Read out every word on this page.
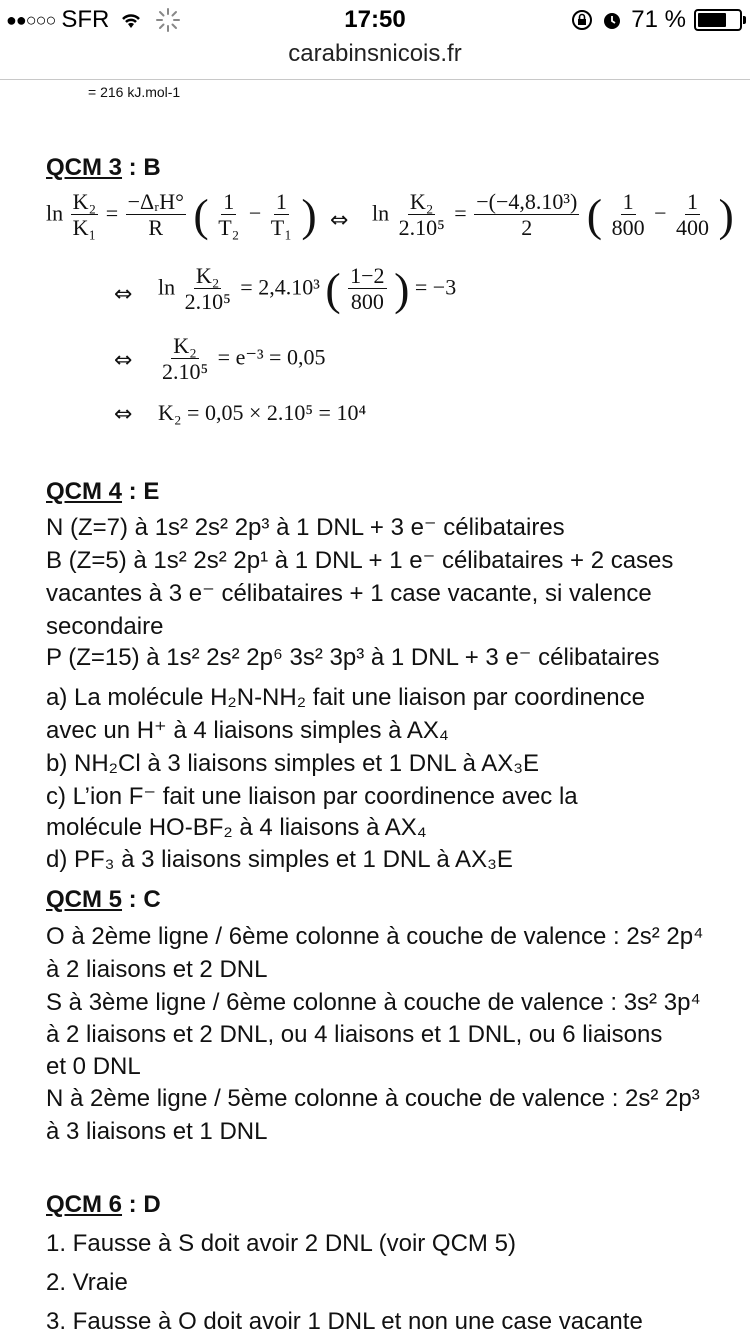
●●○○○ SFR	17:50	71 %
carabinsnicois.fr
= 216 kJ.mol-1
QCM 3 : B
$\ln \frac{\text{K₂}}{\text{K₁}} = \frac{\text{−ΔᵣH°}}{R}$ ( $\frac{1}{\text{T₂}} - \frac{1}{\text{T₁}}$ ) ⇔ $\ln \frac{\text{K₂}}{\text{2.10⁵}} = \frac{\text{−(−4,8.10³)}}{2}$ ( $\frac{1}{800} - \frac{1}{400}$ )
⇔ $\ln \frac{\text{K₂}}{\text{2.10⁵}} = 2,4.10^3$ ( $\frac{1-2}{800}$ ) = −3
⇔ $\frac{\text{K₂}}{\text{2.10⁵}} = e^{-3} = 0,05$
⇔ K₂ = 0,05 × 2.10⁵ = 10⁴
QCM 4 : E
N (Z=7) à 1s² 2s² 2p³ à 1 DNL + 3 e⁻ célibataires
B (Z=5) à 1s² 2s² 2p¹ à 1 DNL + 1 e⁻ célibataires + 2 cases
vacantes à 3 e⁻ célibataires + 1 case vacante, si valence
secondaire
P (Z=15) à 1s² 2s² 2p⁶ 3s² 3p³ à 1 DNL + 3 e⁻ célibataires
a) La molécule H₂N-NH₂ fait une liaison par coordinence
avec un H⁺ à 4 liaisons simples à AX₄
b) NH₂Cl à 3 liaisons simples et 1 DNL à AX₃E
c) L’ion F⁻ fait une liaison par coordinence avec la
molécule HO-BF₂ à 4 liaisons à AX₄
d) PF₃ à 3 liaisons simples et 1 DNL à AX₃E
QCM 5 : C
O à 2ème ligne / 6ème colonne à couche de valence : 2s² 2p⁴
à 2 liaisons et 2 DNL
S à 3ème ligne / 6ème colonne à couche de valence : 3s² 3p⁴
à 2 liaisons et 2 DNL, ou 4 liaisons et 1 DNL, ou 6 liaisons
et 0 DNL
N à 2ème ligne / 5ème colonne à couche de valence : 2s² 2p³
à 3 liaisons et 1 DNL
QCM 6 : D
1. Fausse à S doit avoir 2 DNL (voir QCM 5)
2. Vraie
3. Fausse à O doit avoir 1 DNL et non une case vacante
